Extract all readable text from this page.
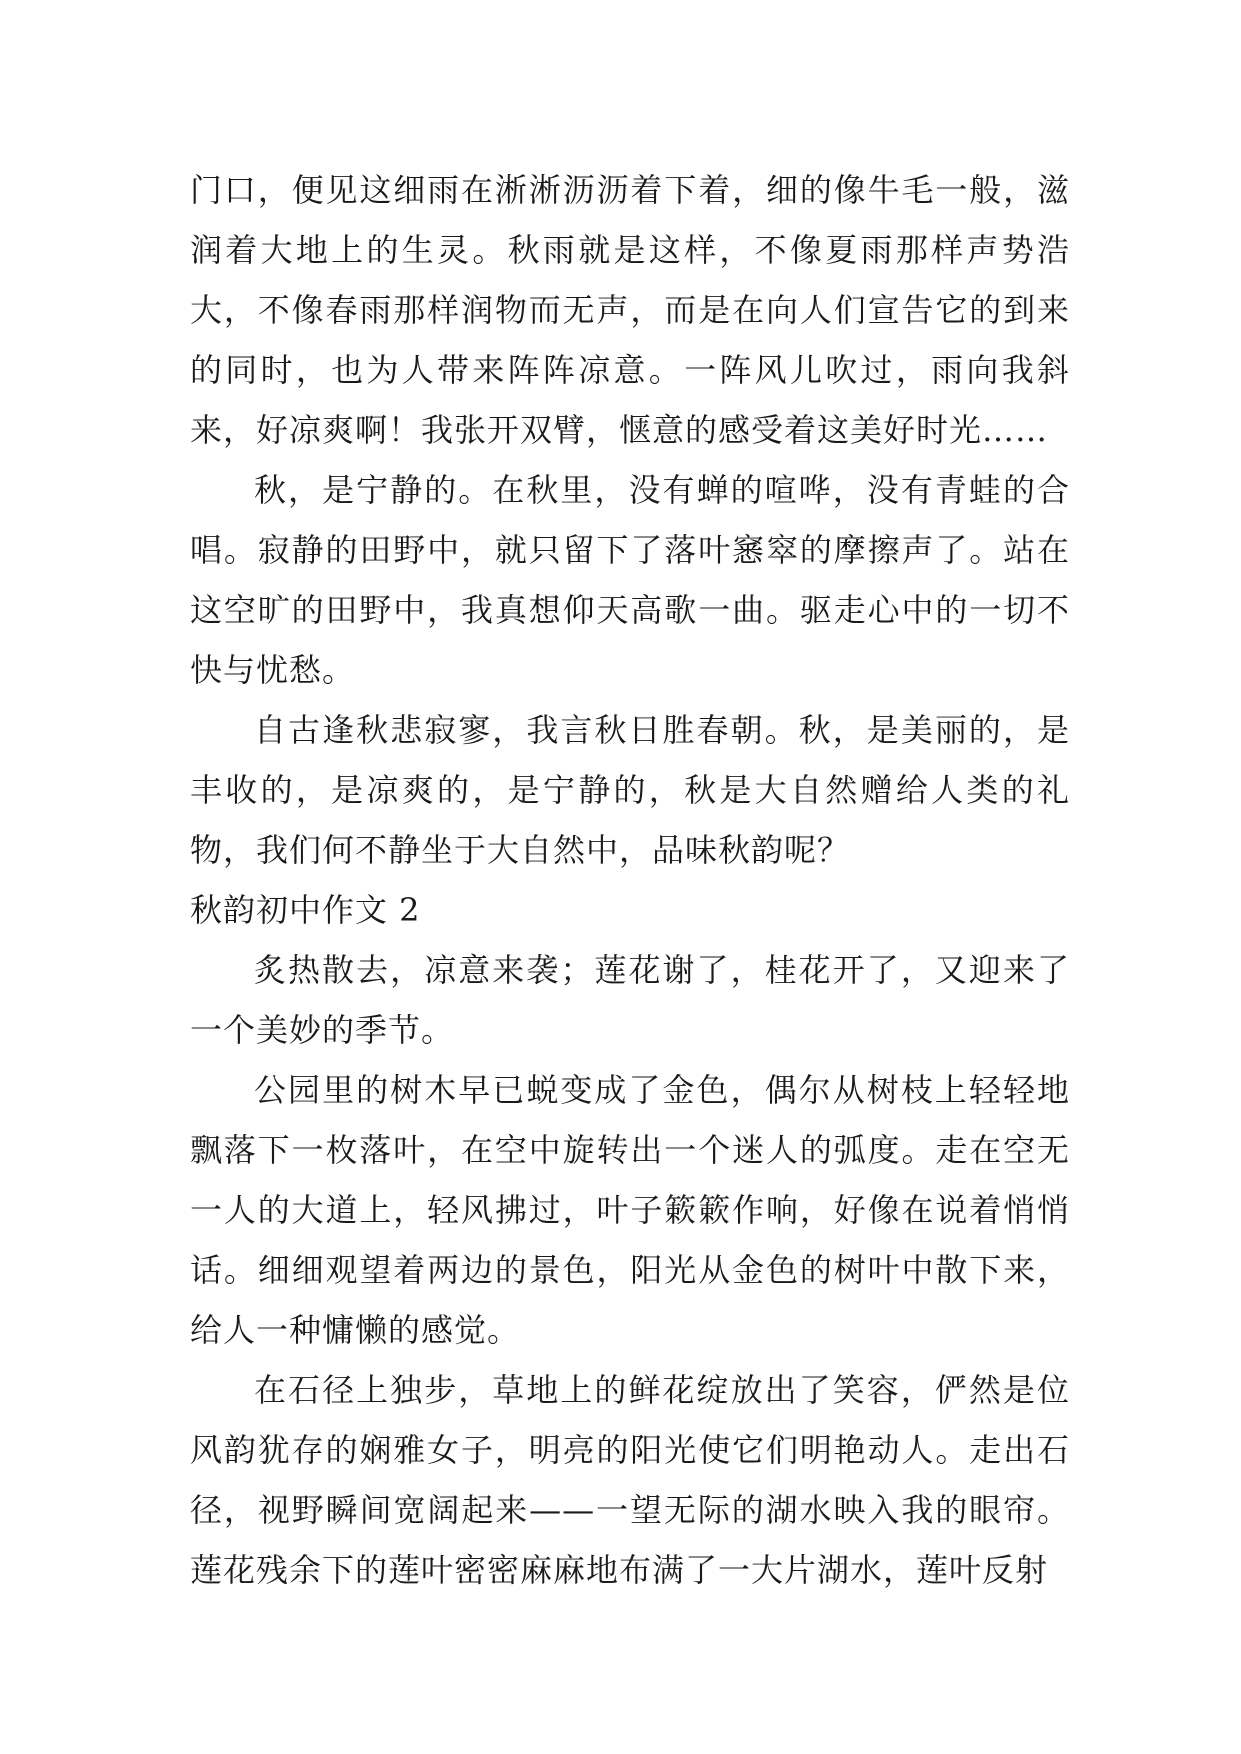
门口，便见这细雨在淅淅沥沥着下着，细的像牛毛一般，滋润着大地上的生灵。秋雨就是这样，不像夏雨那样声势浩大，不像春雨那样润物而无声，而是在向人们宣告它的到来的同时，也为人带来阵阵凉意。一阵风儿吹过，雨向我斜来，好凉爽啊！我张开双臂，惬意的感受着这美好时光……

秋，是宁静的。在秋里，没有蝉的喧哗，没有青蛙的合唱。寂静的田野中，就只留下了落叶窸窣的摩擦声了。站在这空旷的田野中，我真想仰天高歌一曲。驱走心中的一切不快与忧愁。

自古逢秋悲寂寥，我言秋日胜春朝。秋，是美丽的，是丰收的，是凉爽的，是宁静的，秋是大自然赠给人类的礼物，我们何不静坐于大自然中，品味秋韵呢？

秋韵初中作文 2

炙热散去，凉意来袭；莲花谢了，桂花开了，又迎来了一个美妙的季节。

公园里的树木早已蜕变成了金色，偶尔从树枝上轻轻地飘落下一枚落叶，在空中旋转出一个迷人的弧度。走在空无一人的大道上，轻风拂过，叶子簌簌作响，好像在说着悄悄话。细细观望着两边的景色，阳光从金色的树叶中散下来，给人一种慵懒的感觉。

在石径上独步，草地上的鲜花绽放出了笑容，俨然是位风韵犹存的娴雅女子，明亮的阳光使它们明艳动人。走出石径，视野瞬间宽阔起来——一望无际的湖水映入我的眼帘。莲花残余下的莲叶密密麻麻地布满了一大片湖水，莲叶反射
